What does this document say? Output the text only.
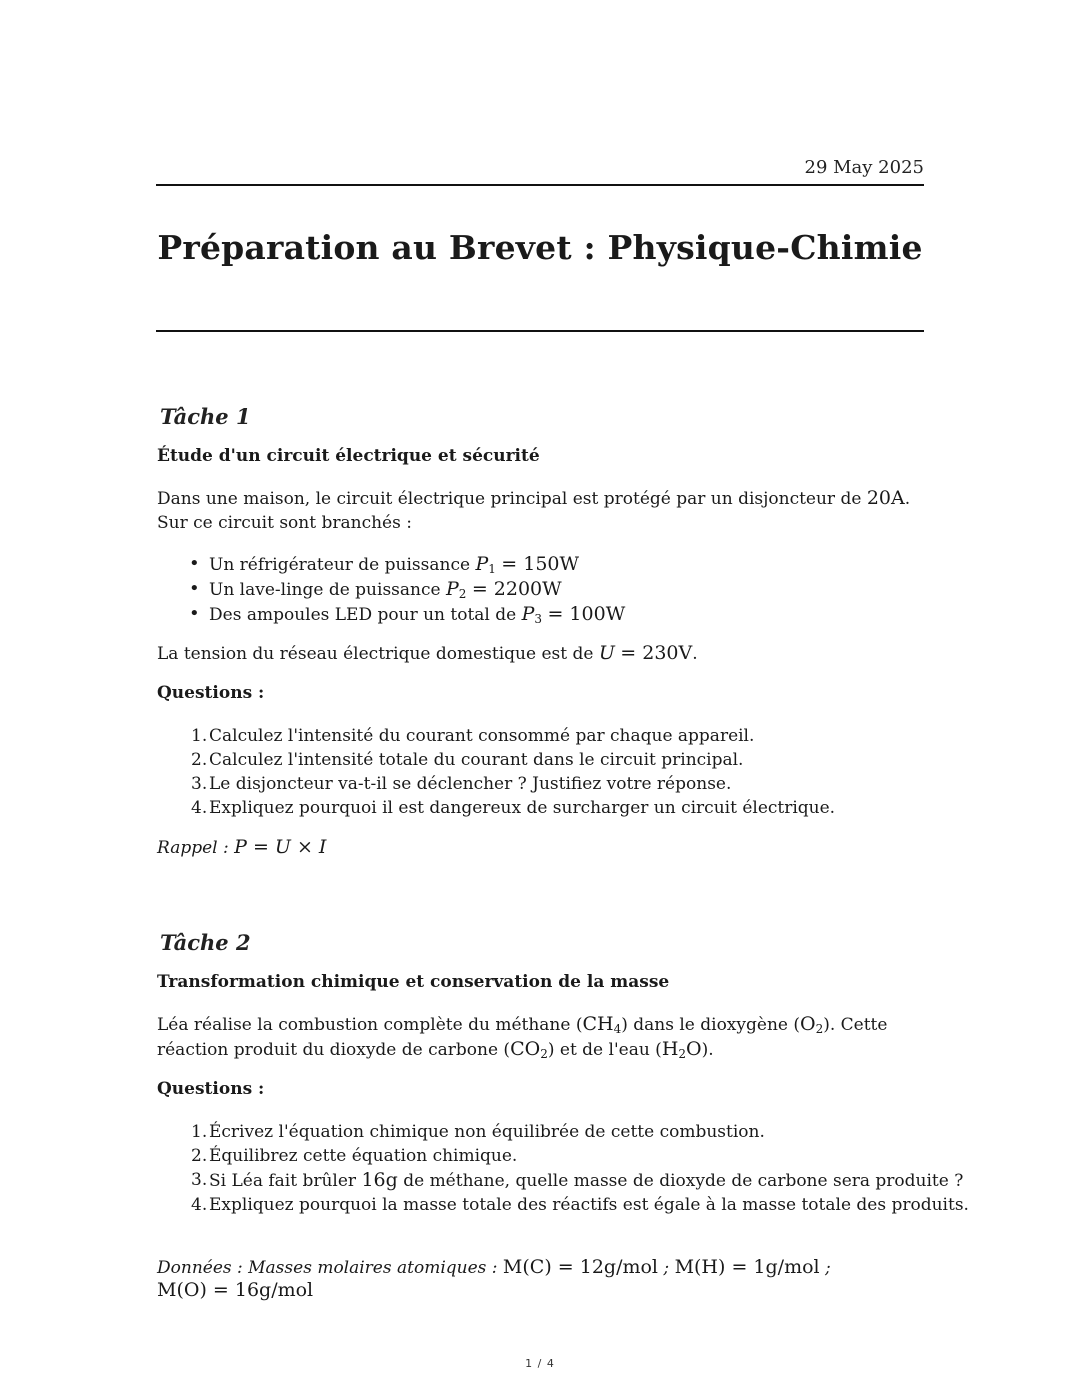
29 May 2025
Préparation au Brevet : Physique-Chimie
Tâche 1
Étude d'un circuit électrique et sécurité
Dans une maison, le circuit électrique principal est protégé par un disjoncteur de 20A. Sur ce circuit sont branchés :
• Un réfrigérateur de puissance $P_1 = 150W$
• Un lave-linge de puissance $P_2 = 2200W$
• Des ampoules LED pour un total de $P_3 = 100W$
La tension du réseau électrique domestique est de U = 230V.
Questions :
1. Calculez l'intensité du courant consommé par chaque appareil.
2. Calculez l'intensité totale du courant dans le circuit principal.
3. Le disjoncteur va-t-il se déclencher ? Justifiez votre réponse.
4. Expliquez pourquoi il est dangereux de surcharger un circuit électrique.
Rappel : P = U × I
Tâche 2
Transformation chimique et conservation de la masse
Léa réalise la combustion complète du méthane $(CH_4)$ dans le dioxygène $(O_2)$. Cette réaction produit du dioxyde de carbone $(CO_2)$ et de l'eau $(H_2O)$.
Questions :
1. Écrivez l'équation chimique non équilibrée de cette combustion.
2. Équilibrez cette équation chimique.
3. Si Léa fait brûler 16g de méthane, quelle masse de dioxyde de carbone sera produite ?
4. Expliquez pourquoi la masse totale des réactifs est égale à la masse totale des produits.
Données : Masses molaires atomiques : M(C) = 12g/mol ; M(H) = 1g/mol ;
M(O) = 16g/mol
1 / 4
